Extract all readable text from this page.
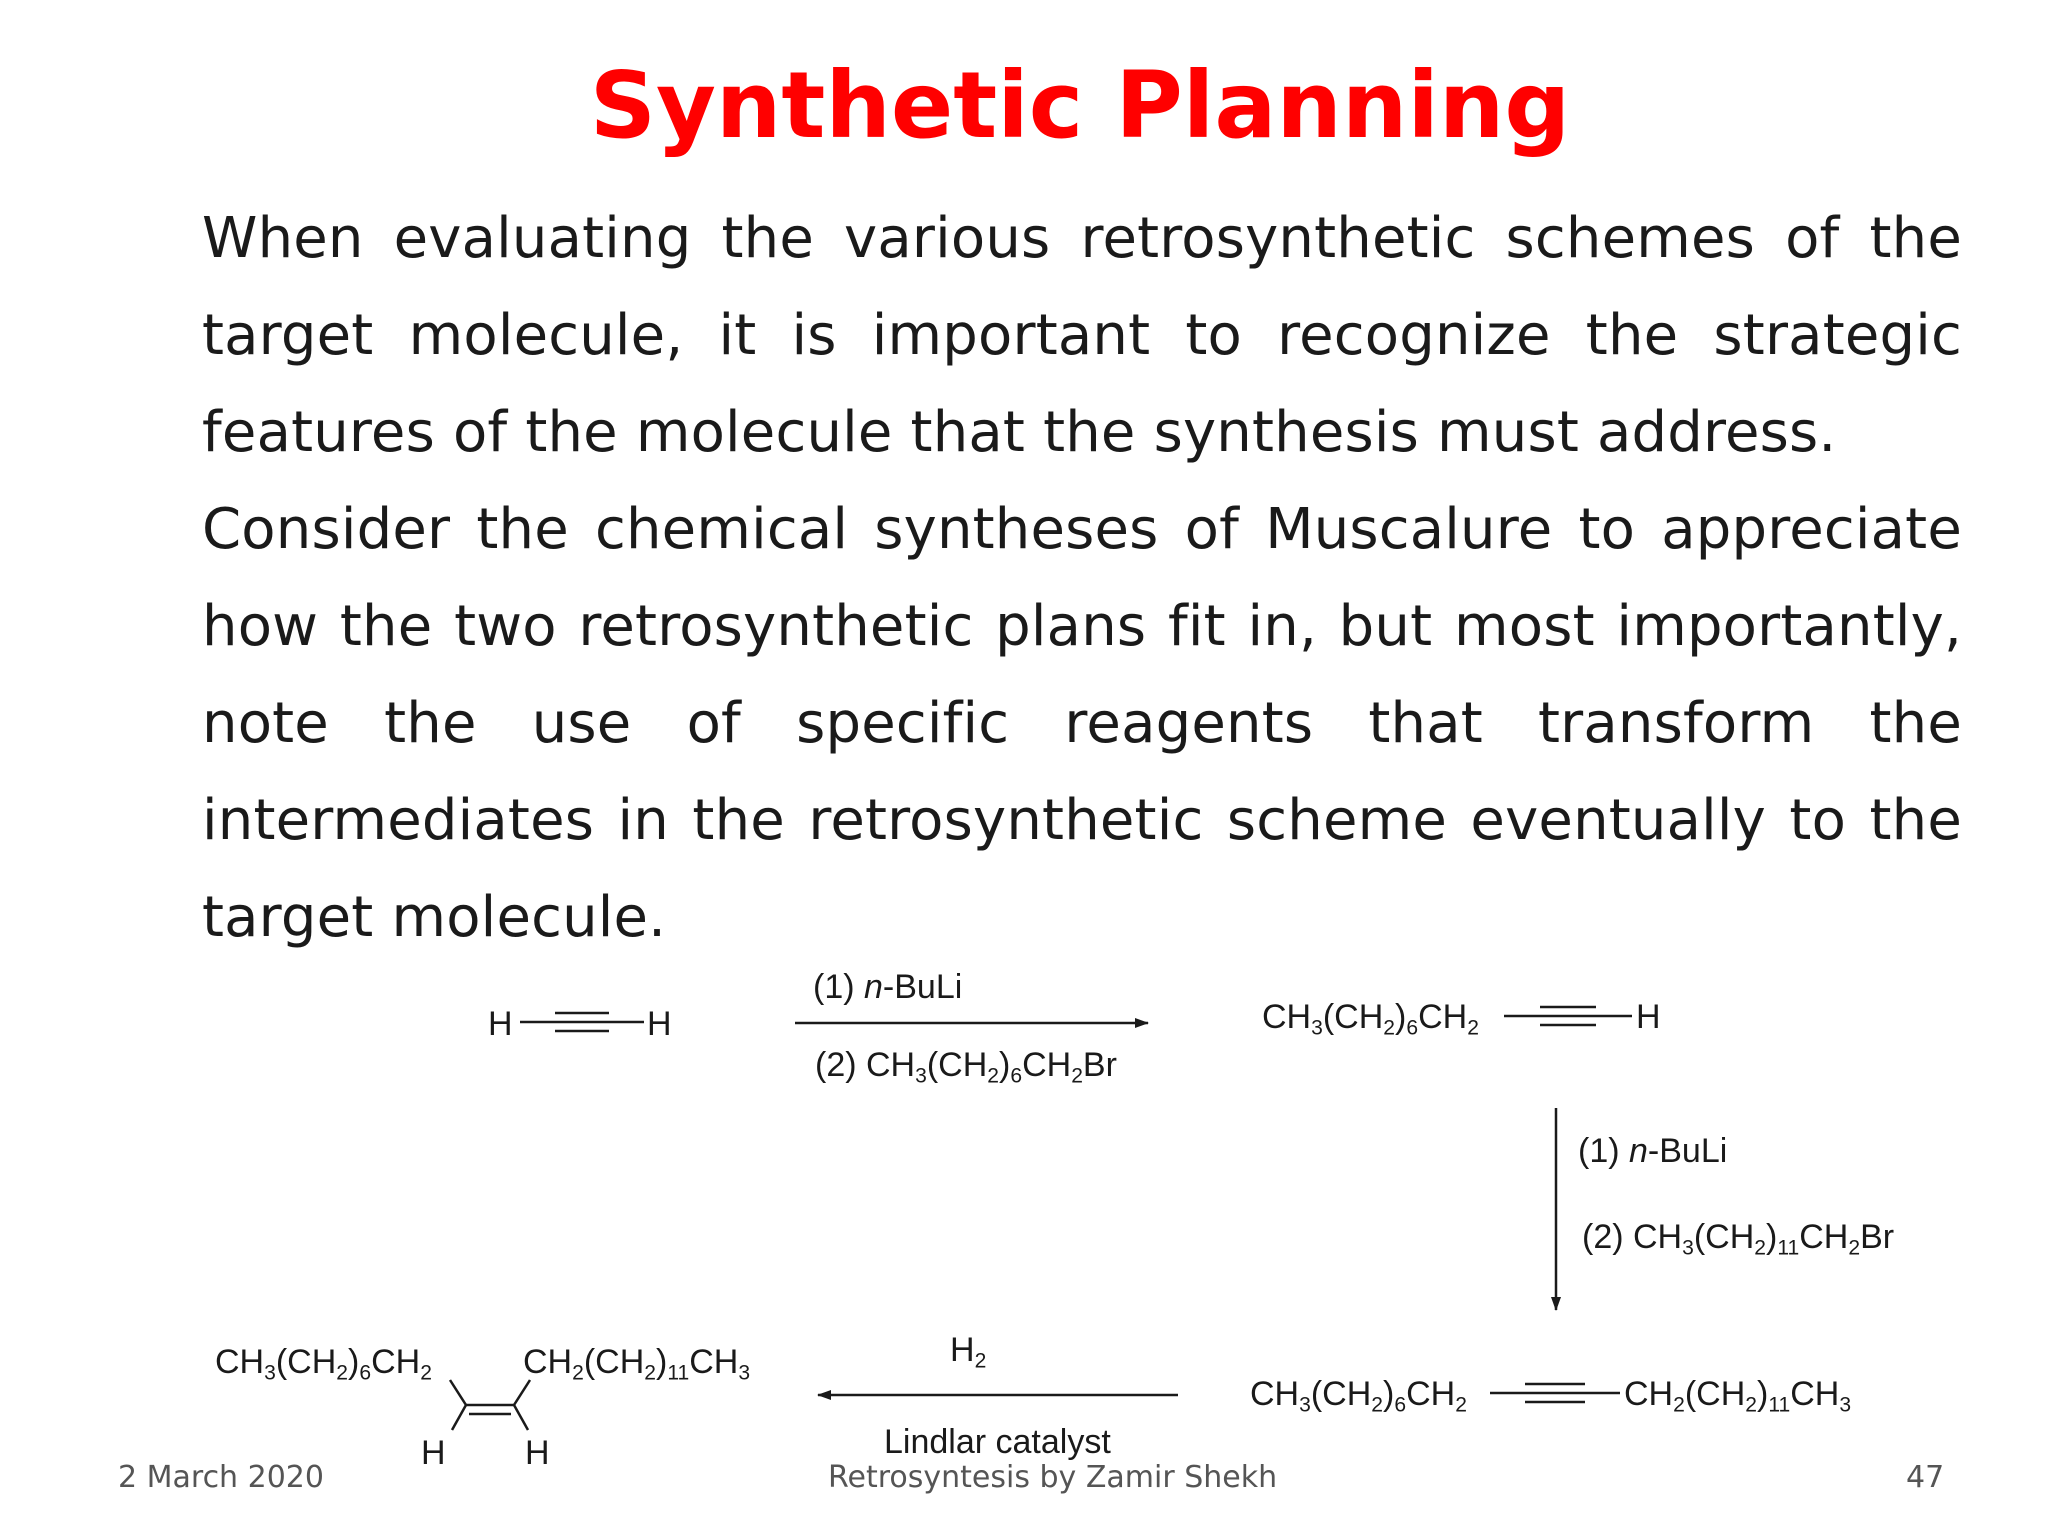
Synthetic Planning

When evaluating the various retrosynthetic schemes of the target molecule, it is important to recognize the strategic features of the molecule that the synthesis must address.

Consider the chemical syntheses of Muscalure to appreciate how the two retrosynthetic plans fit in, but most importantly, note the use of specific reagents that transform the intermediates in the retrosynthetic scheme eventually to the target molecule.

H	H
(1) n-BuLi
(2) $CH_3(CH_2)_6CH_2Br$
$CH_3(CH_2)_6CH_2$	H
(1) n-BuLi
(2) $CH_3(CH_2)_{11}CH_2Br$
$CH_3(CH_2)_6CH_2$	$CH_2(CH_2)_{11}CH_3$
$H_2$
Lindlar catalyst
$CH_3(CH_2)_6CH_2$	$CH_2(CH_2)_{11}CH_3$
H H
2 March 2020	Retrosyntesis by Zamir Shekh	47
